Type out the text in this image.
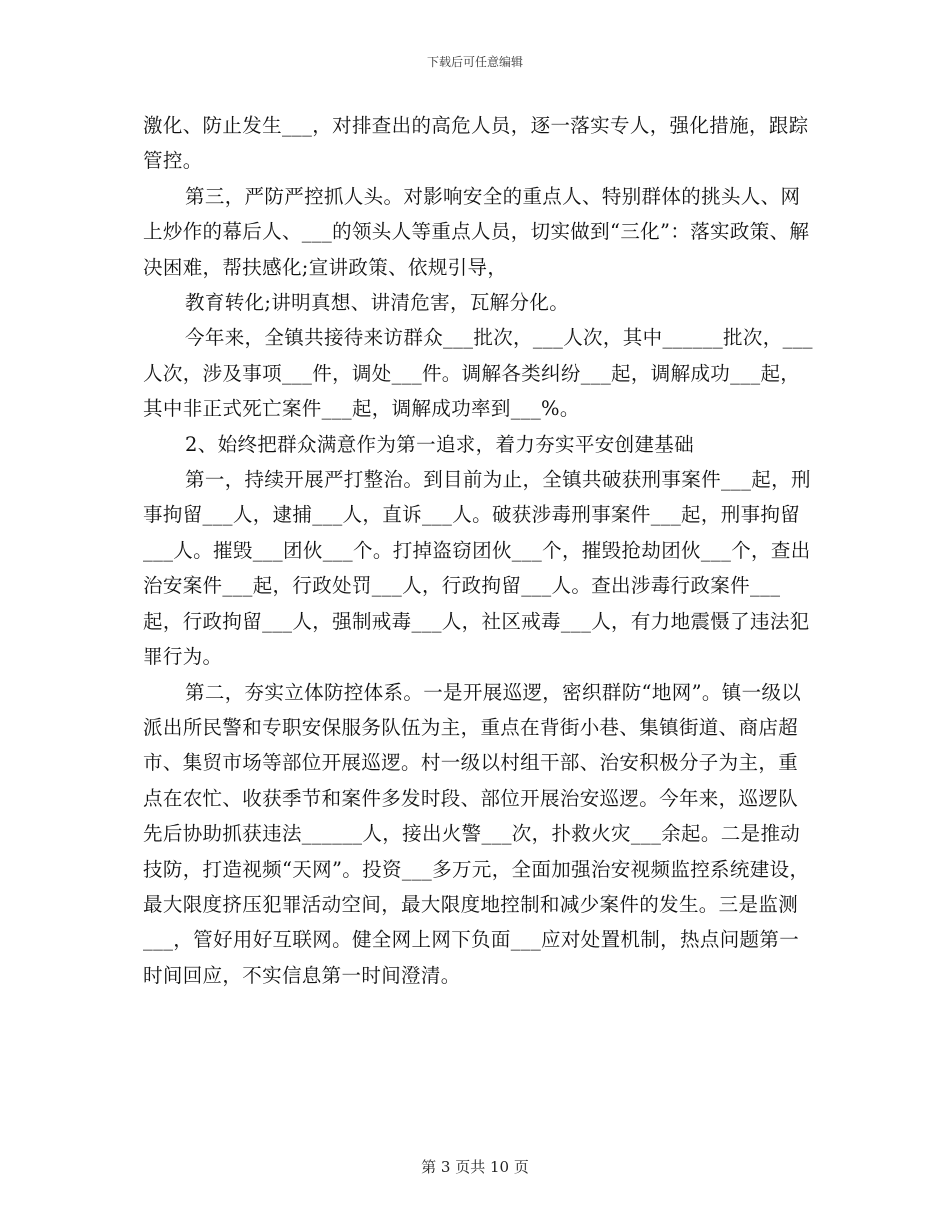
下载后可任意编辑

激化、防止发生___，对排查出的高危人员，逐一落实专人，强化措施，跟踪管控。

第三，严防严控抓人头。对影响安全的重点人、特别群体的挑头人、网上炒作的幕后人、___的领头人等重点人员，切实做到“三化”：落实政策、解决困难，帮扶感化;宣讲政策、依规引导，

教育转化;讲明真想、讲清危害，瓦解分化。

今年来，全镇共接待来访群众___批次，___人次，其中______批次，___人次，涉及事项___件，调处___件。调解各类纠纷___起，调解成功___起，其中非正式死亡案件___起，调解成功率到___%。

2、始终把群众满意作为第一追求，着力夯实平安创建基础

第一，持续开展严打整治。到目前为止，全镇共破获刑事案件___起，刑事拘留___人，逮捕___人，直诉___人。破获涉毒刑事案件___起，刑事拘留___人。摧毁___团伙___个。打掉盗窃团伙___个，摧毁抢劫团伙___个，查出治安案件___起，行政处罚___人，行政拘留___人。查出涉毒行政案件___起，行政拘留___人，强制戒毒___人，社区戒毒___人，有力地震慑了违法犯罪行为。

第二，夯实立体防控体系。一是开展巡逻，密织群防“地网”。镇一级以派出所民警和专职安保服务队伍为主，重点在背街小巷、集镇街道、商店超市、集贸市场等部位开展巡逻。村一级以村组干部、治安积极分子为主，重点在农忙、收获季节和案件多发时段、部位开展治安巡逻。今年来，巡逻队先后协助抓获违法______人，接出火警___次，扑救火灾___余起。二是推动技防，打造视频“天网”。投资___多万元，全面加强治安视频监控系统建设，最大限度挤压犯罪活动空间，最大限度地控制和减少案件的发生。三是监测___，管好用好互联网。健全网上网下负面___应对处置机制，热点问题第一时间回应，不实信息第一时间澄清。

第 3 页共 10 页
